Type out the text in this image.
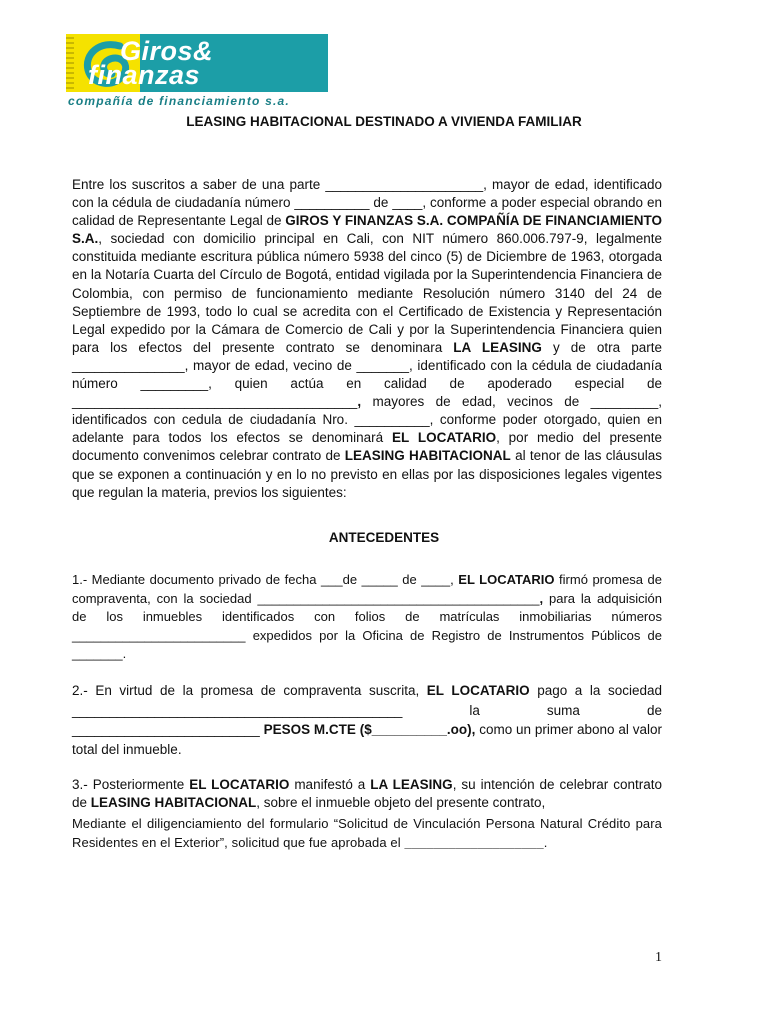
Giros&
finanzas
compañía de financiamiento s.a.
LEASING HABITACIONAL DESTINADO A VIVIENDA FAMILIAR

Entre los suscritos a saber de una parte _____________________, mayor de edad, identificado con la cédula de ciudadanía número __________ de ____, conforme a poder especial obrando en calidad de Representante Legal de GIROS Y FINANZAS S.A. COMPAÑÍA DE FINANCIAMIENTO S.A., sociedad con domicilio principal en Cali, con NIT número 860.006.797-9, legalmente constituida mediante escritura pública número 5938 del cinco (5) de Diciembre de 1963, otorgada en la Notaría Cuarta del Círculo de Bogotá, entidad vigilada por la Superintendencia Financiera de Colombia, con permiso de funcionamiento mediante Resolución número 3140 del 24 de Septiembre de 1993, todo lo cual se acredita con el Certificado de Existencia y Representación Legal expedido por la Cámara de Comercio de Cali y por la Superintendencia Financiera quien para los efectos del presente contrato se denominara LA LEASING y de otra parte _______________, mayor de edad, vecino de _______, identificado con la cédula de ciudadanía número _________, quien actúa en calidad de apoderado especial de ______________________________________, mayores de edad, vecinos de _________, identificados con cedula de ciudadanía Nro. __________, conforme poder otorgado, quien en adelante para todos los efectos se denominará EL LOCATARIO, por medio del presente documento convenimos celebrar contrato de LEASING HABITACIONAL al tenor de las cláusulas que se exponen a continuación y en lo no previsto en ellas por las disposiciones legales vigentes que regulan la materia, previos los siguientes:

ANTECEDENTES

1.- Mediante documento privado de fecha ___de _____ de ____, EL LOCATARIO firmó promesa de compraventa, con la sociedad _______________________________________, para la adquisición de los inmuebles identificados con folios de matrículas inmobiliarias números ________________________ expedidos por la Oficina de Registro de Instrumentos Públicos de _______.

2.- En virtud de la promesa de compraventa suscrita, EL LOCATARIO pago a la sociedad ____________________________________________ la suma de _________________________ PESOS M.CTE ($__________.oo), como un primer abono al valor total del inmueble.

3.- Posteriormente EL LOCATARIO manifestó a LA LEASING, su intención de celebrar contrato de LEASING HABITACIONAL, sobre el inmueble objeto del presente contrato,

Mediante el diligenciamiento del formulario “Solicitud de Vinculación Persona Natural Crédito para Residentes en el Exterior”, solicitud que fue aprobada el ___________________.

1
